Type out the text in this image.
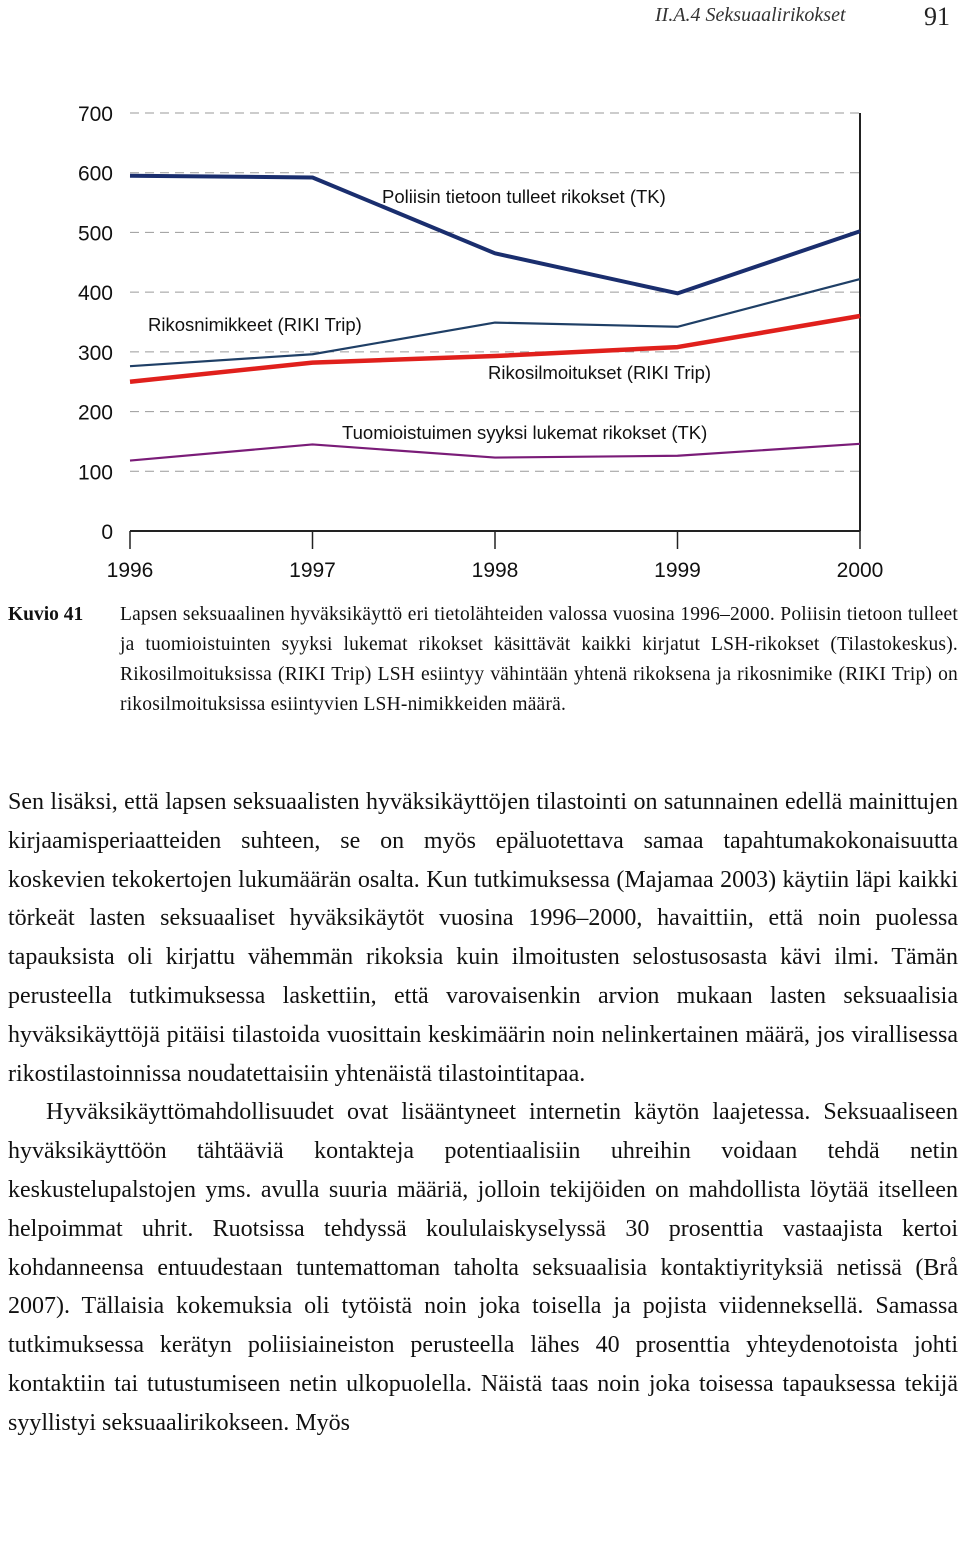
II.A.4 Seksuaalirikokset	91
0
100
200
300
400
500
600
700
1996	1997	1998	1999	2000
Poliisin tietoon tulleet rikokset (TK)
Rikosnimikkeet (RIKI Trip)
Rikosilmoitukset (RIKI Trip)
Tuomioistuimen syyksi lukemat rikokset (TK)
Kuvio 41 Lapsen seksuaalinen hyväksikäyttö eri tietolähteiden valossa vuosina 1996–2000. Poliisin tietoon tulleet ja tuomioistuinten syyksi lukemat rikokset käsittävät kaikki kirjatut LSH-rikokset (Tilastokeskus). Rikosilmoituksissa (RIKI Trip) LSH esiintyy vähintään yhtenä rikoksena ja rikosnimike (RIKI Trip) on rikosilmoituksissa esiintyvien LSH-nimikkeiden määrä.

Sen lisäksi, että lapsen seksuaalisten hyväksikäyttöjen tilastointi on satunnainen edellä mainittujen kirjaamisperiaatteiden suhteen, se on myös epäluotettava samaa tapahtumakokonaisuutta koskevien tekokertojen lukumäärän osalta. Kun tutkimuksessa (Majamaa 2003) käytiin läpi kaikki törkeät lasten seksuaaliset hyväksikäytöt vuosina 1996–2000, havaittiin, että noin puolessa tapauksista oli kirjattu vähemmän rikoksia kuin ilmoitusten selostusosasta kävi ilmi. Tämän perusteella tutkimuksessa laskettiin, että varovaisenkin arvion mukaan lasten seksuaalisia hyväksikäyttöjä pitäisi tilastoida vuosittain keskimäärin noin nelinkertainen määrä, jos virallisessa rikostilastoinnissa noudatettaisiin yhtenäistä tilastointitapaa.

Hyväksikäyttömahdollisuudet ovat lisääntyneet internetin käytön laajetessa. Seksuaaliseen hyväksikäyttöön tähtääviä kontakteja potentiaalisiin uhreihin voidaan tehdä netin keskustelupalstojen yms. avulla suuria määriä, jolloin tekijöiden on mahdollista löytää itselleen helpoimmat uhrit. Ruotsissa tehdyssä koululaiskyselyssä 30 prosenttia vastaajista kertoi kohdanneensa entuudestaan tuntemattoman taholta seksuaalisia kontaktiyrityksiä netissä (Brå 2007). Tällaisia kokemuksia oli tytöistä noin joka toisella ja pojista viidenneksellä. Samassa tutkimuksessa kerätyn poliisiaineiston perusteella lähes 40 prosenttia yhteydenotoista johti kontaktiin tai tutustumiseen netin ulkopuolella. Näistä taas noin joka toisessa tapauksessa tekijä syyllistyi seksuaalirikokseen. Myös
